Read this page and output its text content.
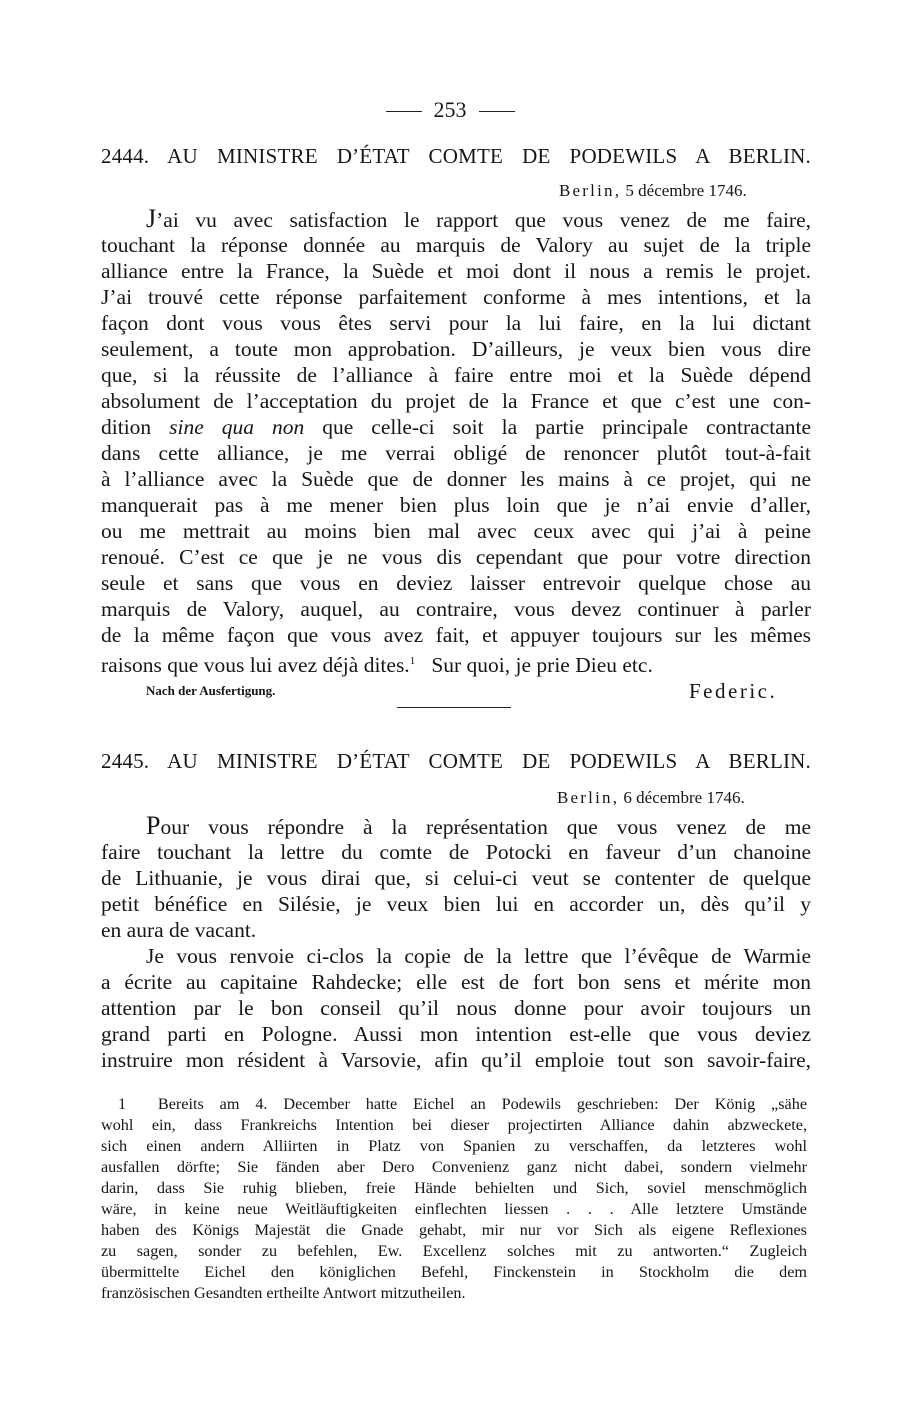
253
2444. AU MINISTRE D’ÉTAT COMTE DE PODEWILS A BERLIN.
Berlin, 5 décembre 1746.
J’ai vu avec satisfaction le rapport que vous venez de me faire,
touchant la réponse donnée au marquis de Valory au sujet de la triple
alliance entre la France, la Suède et moi dont il nous a remis le projet.
J’ai trouvé cette réponse parfaitement conforme à mes intentions, et la
façon dont vous vous êtes servi pour la lui faire, en la lui dictant
seulement, a toute mon approbation. D’ailleurs, je veux bien vous dire
que, si la réussite de l’alliance à faire entre moi et la Suède dépend
absolument de l’acceptation du projet de la France et que c’est une con-
dition sine qua non que celle-ci soit la partie principale contractante
dans cette alliance, je me verrai obligé de renoncer plutôt tout-à-fait
à l’alliance avec la Suède que de donner les mains à ce projet, qui ne
manquerait pas à me mener bien plus loin que je n’ai envie d’aller,
ou me mettrait au moins bien mal avec ceux avec qui j’ai à peine
renoué. C’est ce que je ne vous dis cependant que pour votre direction
seule et sans que vous en deviez laisser entrevoir quelque chose au
marquis de Valory, auquel, au contraire, vous devez continuer à parler
de la même façon que vous avez fait, et appuyer toujours sur les mêmes
raisons que vous lui avez déjà dites.$^1$ Sur quoi, je prie Dieu etc.
Nach der Ausfertigung.	Federic.
2445. AU MINISTRE D’ÉTAT COMTE DE PODEWILS A BERLIN.
Berlin, 6 décembre 1746.
Pour vous répondre à la représentation que vous venez de me
faire touchant la lettre du comte de Potocki en faveur d’un chanoine
de Lithuanie, je vous dirai que, si celui-ci veut se contenter de quelque
petit bénéfice en Silésie, je veux bien lui en accorder un, dès qu’il y
en aura de vacant.
Je vous renvoie ci-clos la copie de la lettre que l’évêque de Warmie
a écrite au capitaine Rahdecke; elle est de fort bon sens et mérite mon
attention par le bon conseil qu’il nous donne pour avoir toujours un
grand parti en Pologne. Aussi mon intention est-elle que vous deviez
instruire mon résident à Varsovie, afin qu’il emploie tout son savoir-faire,
1 Bereits am 4. December hatte Eichel an Podewils geschrieben: Der König „sähe
wohl ein, dass Frankreichs Intention bei dieser projectirten Alliance dahin abzweckete,
sich einen andern Alliirten in Platz von Spanien zu verschaffen, da letzteres wohl
ausfallen dörfte; Sie fänden aber Dero Convenienz ganz nicht dabei, sondern vielmehr
darin, dass Sie ruhig blieben, freie Hände behielten und Sich, soviel menschmöglich
wäre, in keine neue Weitläuftigkeiten einflechten liessen . . . Alle letztere Umstände
haben des Königs Majestät die Gnade gehabt, mir nur vor Sich als eigene Reflexiones
zu sagen, sonder zu befehlen, Ew. Excellenz solches mit zu antworten.“ Zugleich
übermittelte Eichel den königlichen Befehl, Finckenstein in Stockholm die dem
französischen Gesandten ertheilte Antwort mitzutheilen.
